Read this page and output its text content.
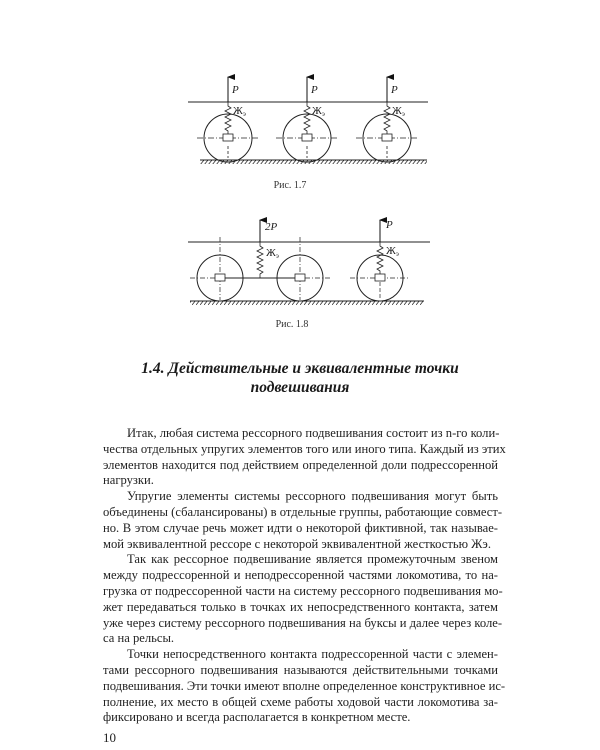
P	P	P
Жэ	Жэ	Жэ
2P	P
Жэ	Жэ
Рис. 1.7
Рис. 1.8
1.4. Действительные и эквивалентные точки
подвешивания
Итак, любая система рессорного подвешивания состоит из n-го коли-
чества отдельных упругих элементов того или иного типа. Каждый из этих
элементов находится под действием определенной доли подрессоренной
нагрузки.
Упругие элементы системы рессорного подвешивания могут быть
объединены (сбалансированы) в отдельные группы, работающие совмест-
но. В этом случае речь может идти о некоторой фиктивной, так называе-
мой эквивалентной рессоре с некоторой эквивалентной жесткостью Жэ.
Так как рессорное подвешивание является промежуточным звеном
между подрессоренной и неподрессоренной частями локомотива, то на-
грузка от подрессоренной части на систему рессорного подвешивания мо-
жет передаваться только в точках их непосредственного контакта, затем
уже через систему рессорного подвешивания на буксы и далее через коле-
са на рельсы.
Точки непосредственного контакта подрессоренной части с элемен-
тами рессорного подвешивания называются действительными точками
подвешивания. Эти точки имеют вполне определенное конструктивное ис-
полнение, их место в общей схеме работы ходовой части локомотива за-
фиксировано и всегда располагается в конкретном месте.
10
